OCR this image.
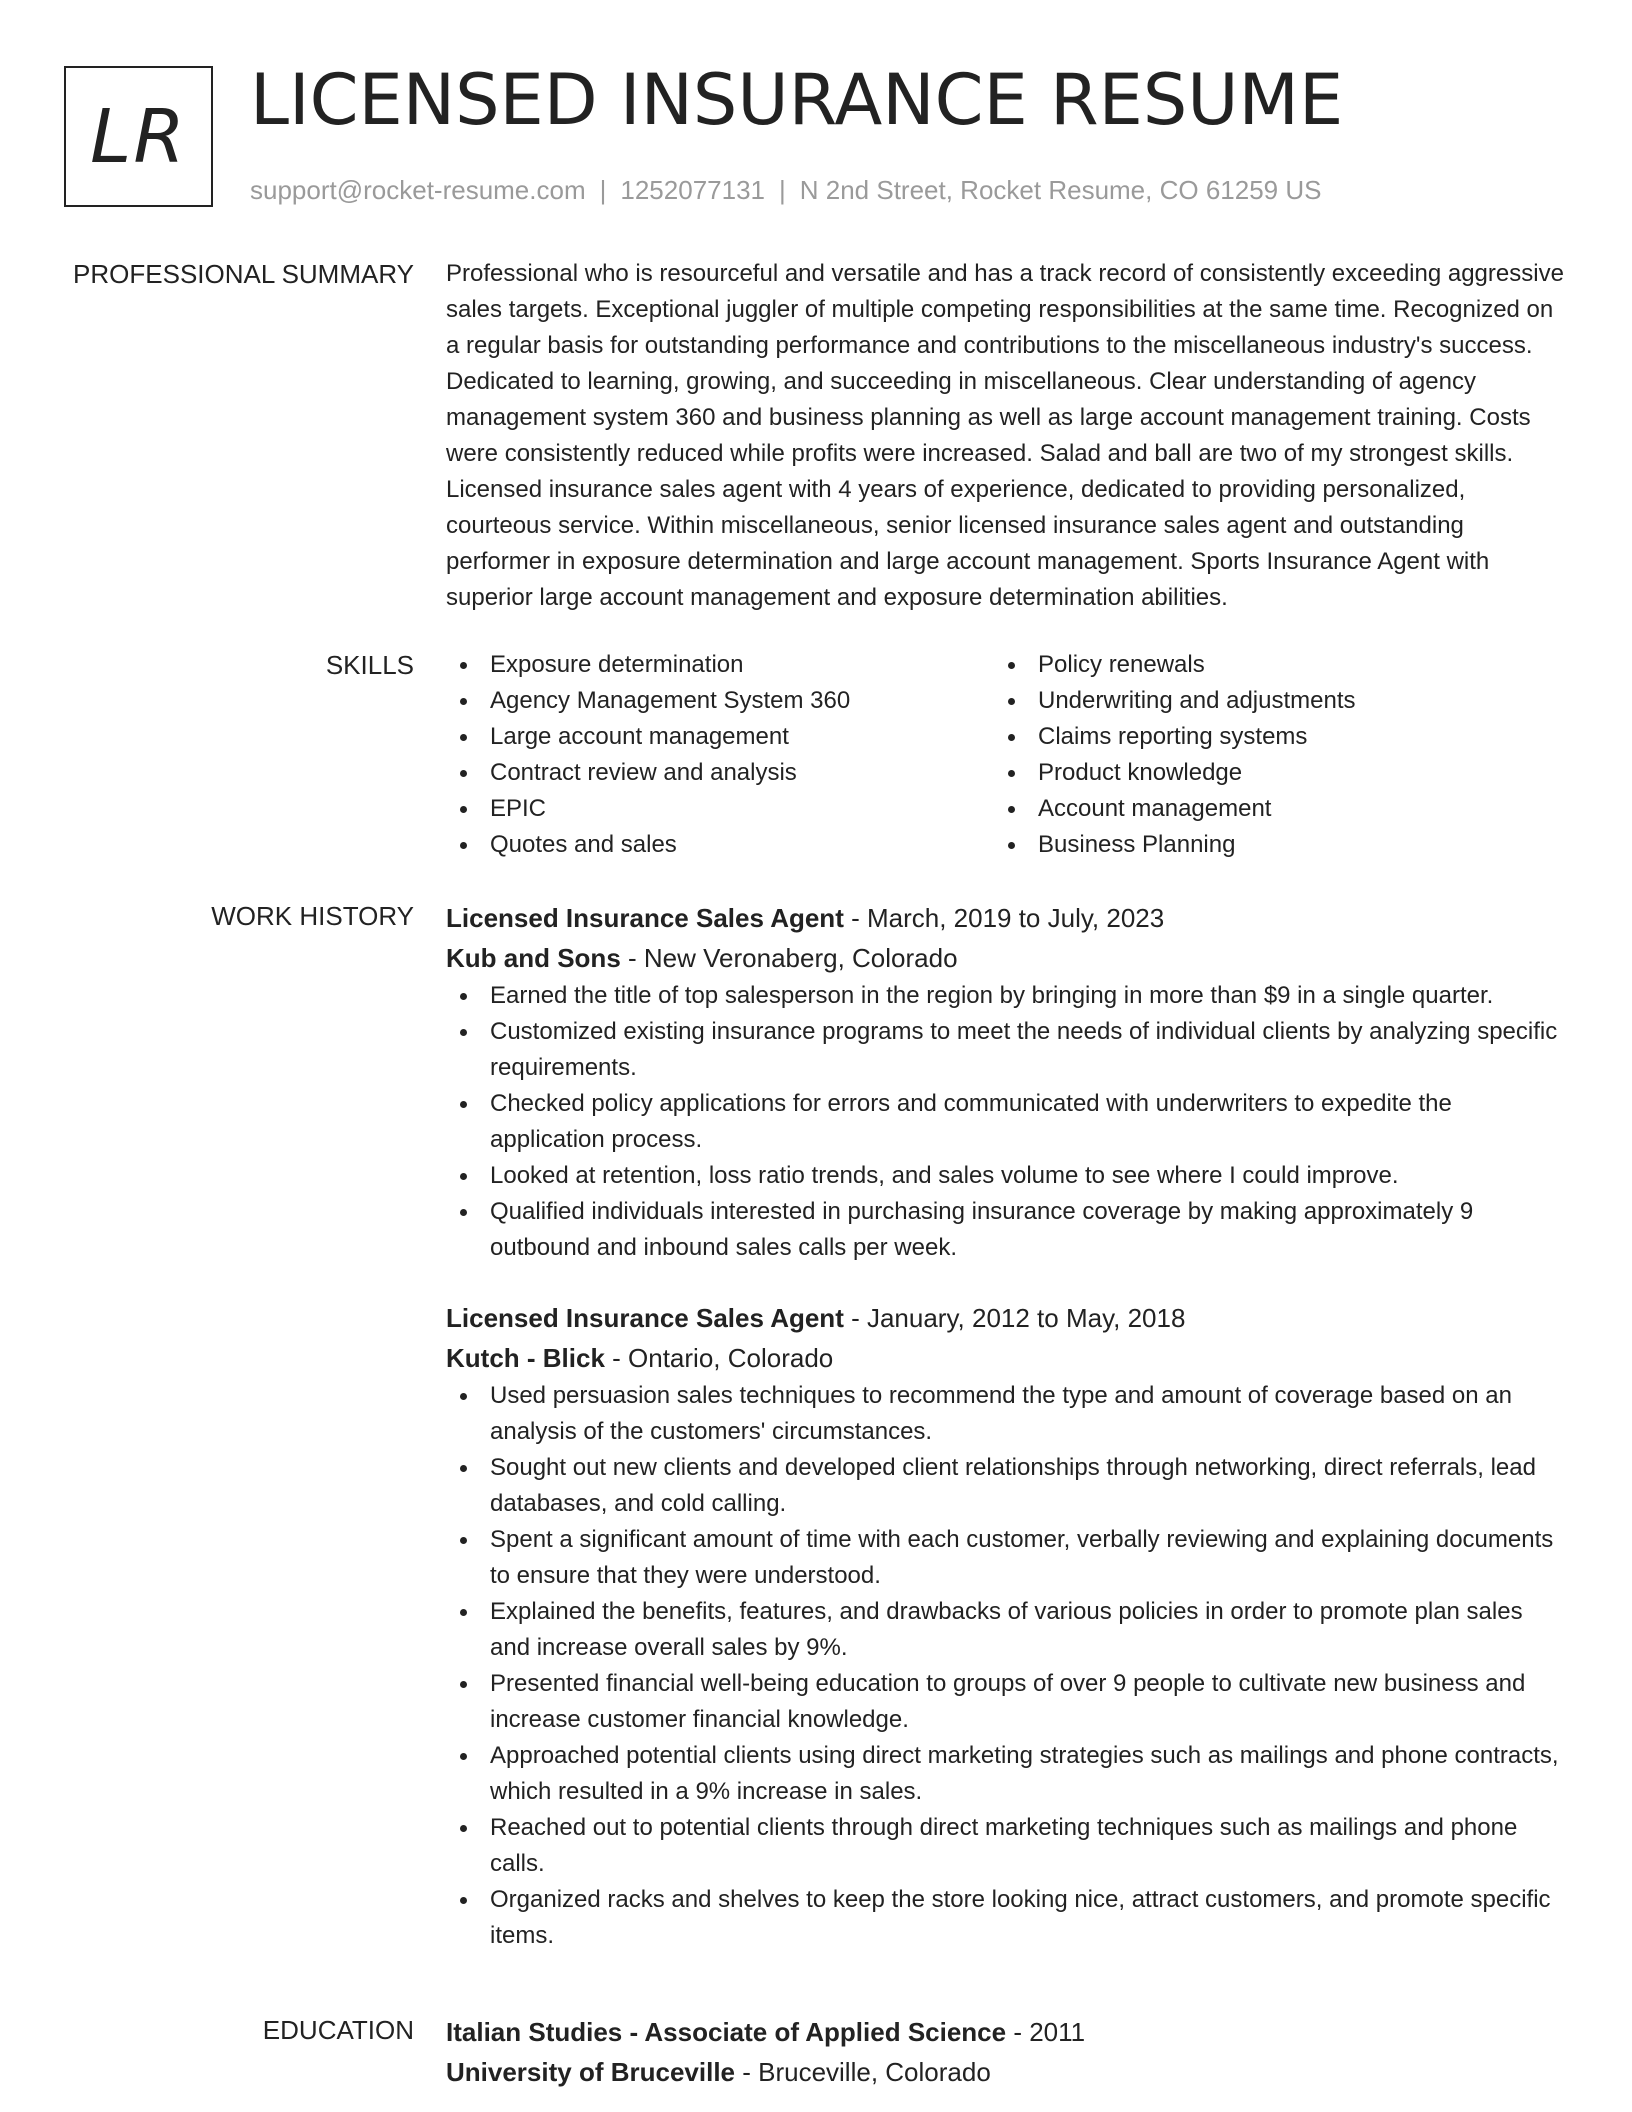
LR LICENSED INSURANCE RESUME
support@rocket-resume.com | 1252077131 | N 2nd Street, Rocket Resume, CO 61259 US
PROFESSIONAL SUMMARY Professional who is resourceful and versatile and has a track record of consistently exceeding aggressive sales targets. Exceptional juggler of multiple competing responsibilities at the same time. Recognized on a regular basis for outstanding performance and contributions to the miscellaneous industry's success. Dedicated to learning, growing, and succeeding in miscellaneous. Clear understanding of agency management system 360 and business planning as well as large account management training. Costs were consistently reduced while profits were increased. Salad and ball are two of my strongest skills. Licensed insurance sales agent with 4 years of experience, dedicated to providing personalized, courteous service. Within miscellaneous, senior licensed insurance sales agent and outstanding performer in exposure determination and large account management. Sports Insurance Agent with superior large account management and exposure determination abilities.

SKILLS	Exposure determination
Agency Management System 360
Large account management
Contract review and analysis
EPIC
Quotes and sales
Policy renewals
Underwriting and adjustments
Claims reporting systems
Product knowledge
Account management
Business Planning
WORK HISTORY Licensed Insurance Sales Agent - March, 2019 to July, 2023
Kub and Sons - New Veronaberg, Colorado
Earned the title of top salesperson in the region by bringing in more than $9 in a single quarter.
Customized existing insurance programs to meet the needs of individual clients by analyzing specific requirements.
Checked policy applications for errors and communicated with underwriters to expedite the application process.
Looked at retention, loss ratio trends, and sales volume to see where I could improve.
Qualified individuals interested in purchasing insurance coverage by making approximately 9 outbound and inbound sales calls per week.
Licensed Insurance Sales Agent - January, 2012 to May, 2018
Kutch - Blick - Ontario, Colorado
Used persuasion sales techniques to recommend the type and amount of coverage based on an analysis of the customers' circumstances.
Sought out new clients and developed client relationships through networking, direct referrals, lead databases, and cold calling.
Spent a significant amount of time with each customer, verbally reviewing and explaining documents to ensure that they were understood.
Explained the benefits, features, and drawbacks of various policies in order to promote plan sales and increase overall sales by 9%.
Presented financial well-being education to groups of over 9 people to cultivate new business and increase customer financial knowledge.
Approached potential clients using direct marketing strategies such as mailings and phone contracts, which resulted in a 9% increase in sales.
Reached out to potential clients through direct marketing techniques such as mailings and phone calls.
Organized racks and shelves to keep the store looking nice, attract customers, and promote specific items.
EDUCATION Italian Studies - Associate of Applied Science - 2011
University of Bruceville - Bruceville, Colorado
